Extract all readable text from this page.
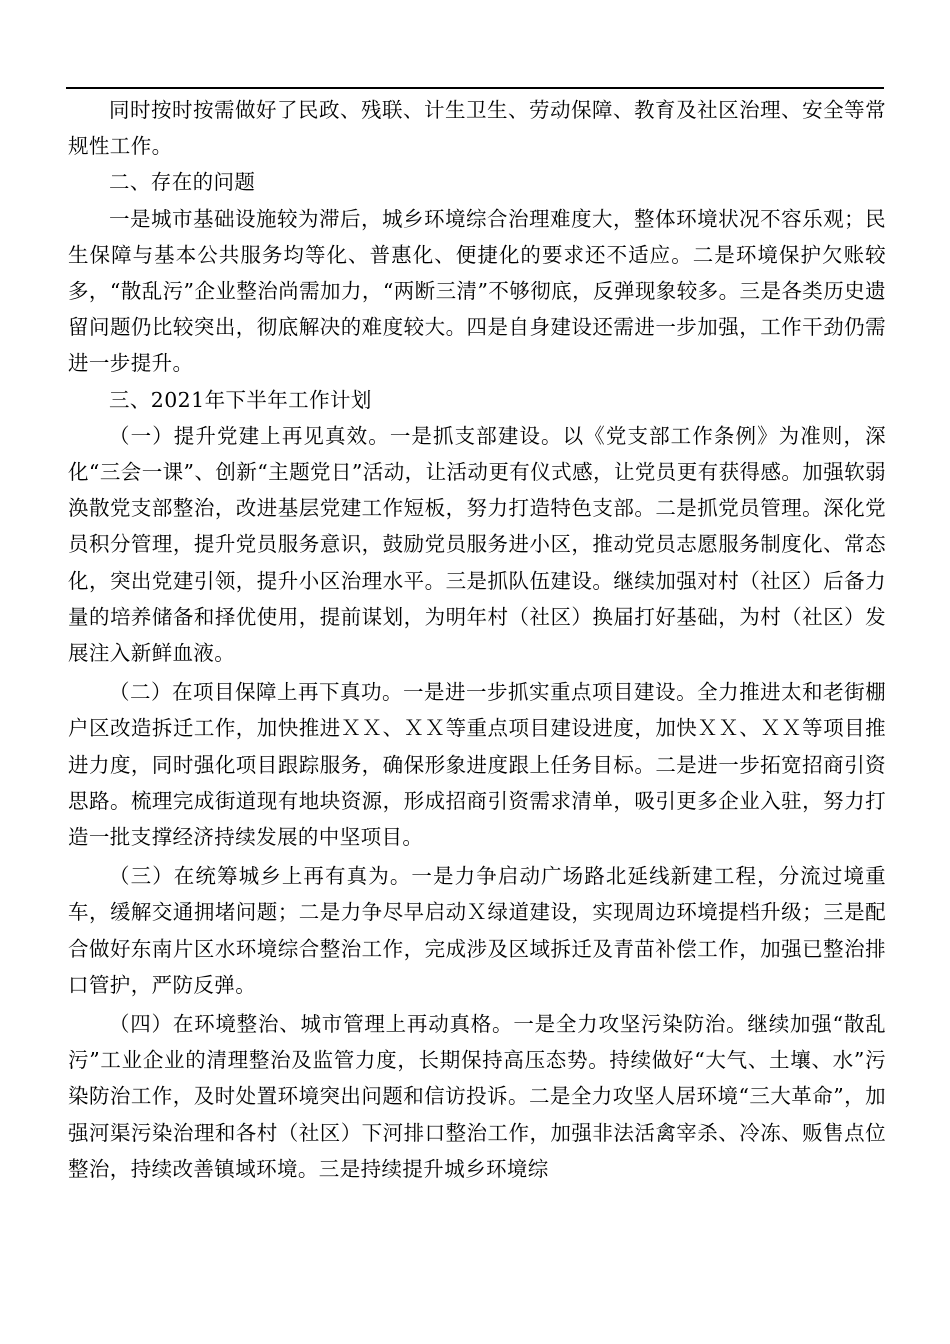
同时按时按需做好了民政、残联、计生卫生、劳动保障、教育及社区治理、安全等常规性工作。

二、存在的问题

一是城市基础设施较为滞后，城乡环境综合治理难度大，整体环境状况不容乐观；民生保障与基本公共服务均等化、普惠化、便捷化的要求还不适应。二是环境保护欠账较多，“散乱污”企业整治尚需加力，“两断三清”不够彻底，反弹现象较多。三是各类历史遗留问题仍比较突出，彻底解决的难度较大。四是自身建设还需进一步加强，工作干劲仍需进一步提升。

三、2021年下半年工作计划

（一）提升党建上再见真效。一是抓支部建设。以《党支部工作条例》为准则，深化“三会一课”、创新“主题党日”活动，让活动更有仪式感，让党员更有获得感。加强软弱涣散党支部整治，改进基层党建工作短板，努力打造特色支部。二是抓党员管理。深化党员积分管理，提升党员服务意识，鼓励党员服务进小区，推动党员志愿服务制度化、常态化，突出党建引领，提升小区治理水平。三是抓队伍建设。继续加强对村（社区）后备力量的培养储备和择优使用，提前谋划，为明年村（社区）换届打好基础，为村（社区）发展注入新鲜血液。

（二）在项目保障上再下真功。一是进一步抓实重点项目建设。全力推进太和老街棚户区改造拆迁工作，加快推进ＸＸ、ＸＸ等重点项目建设进度，加快ＸＸ、ＸＸ等项目推进力度，同时强化项目跟踪服务，确保形象进度跟上任务目标。二是进一步拓宽招商引资思路。梳理完成街道现有地块资源，形成招商引资需求清单，吸引更多企业入驻，努力打造一批支撑经济持续发展的中坚项目。

（三）在统筹城乡上再有真为。一是力争启动广场路北延线新建工程，分流过境重车，缓解交通拥堵问题；二是力争尽早启动Ｘ绿道建设，实现周边环境提档升级；三是配合做好东南片区水环境综合整治工作，完成涉及区域拆迁及青苗补偿工作，加强已整治排口管护，严防反弹。

（四）在环境整治、城市管理上再动真格。一是全力攻坚污染防治。继续加强“散乱污”工业企业的清理整治及监管力度，长期保持高压态势。持续做好“大气、土壤、水”污染防治工作，及时处置环境突出问题和信访投诉。二是全力攻坚人居环境“三大革命”，加强河渠污染治理和各村（社区）下河排口整治工作，加强非法活禽宰杀、冷冻、贩售点位整治，持续改善镇域环境。三是持续提升城乡环境综
